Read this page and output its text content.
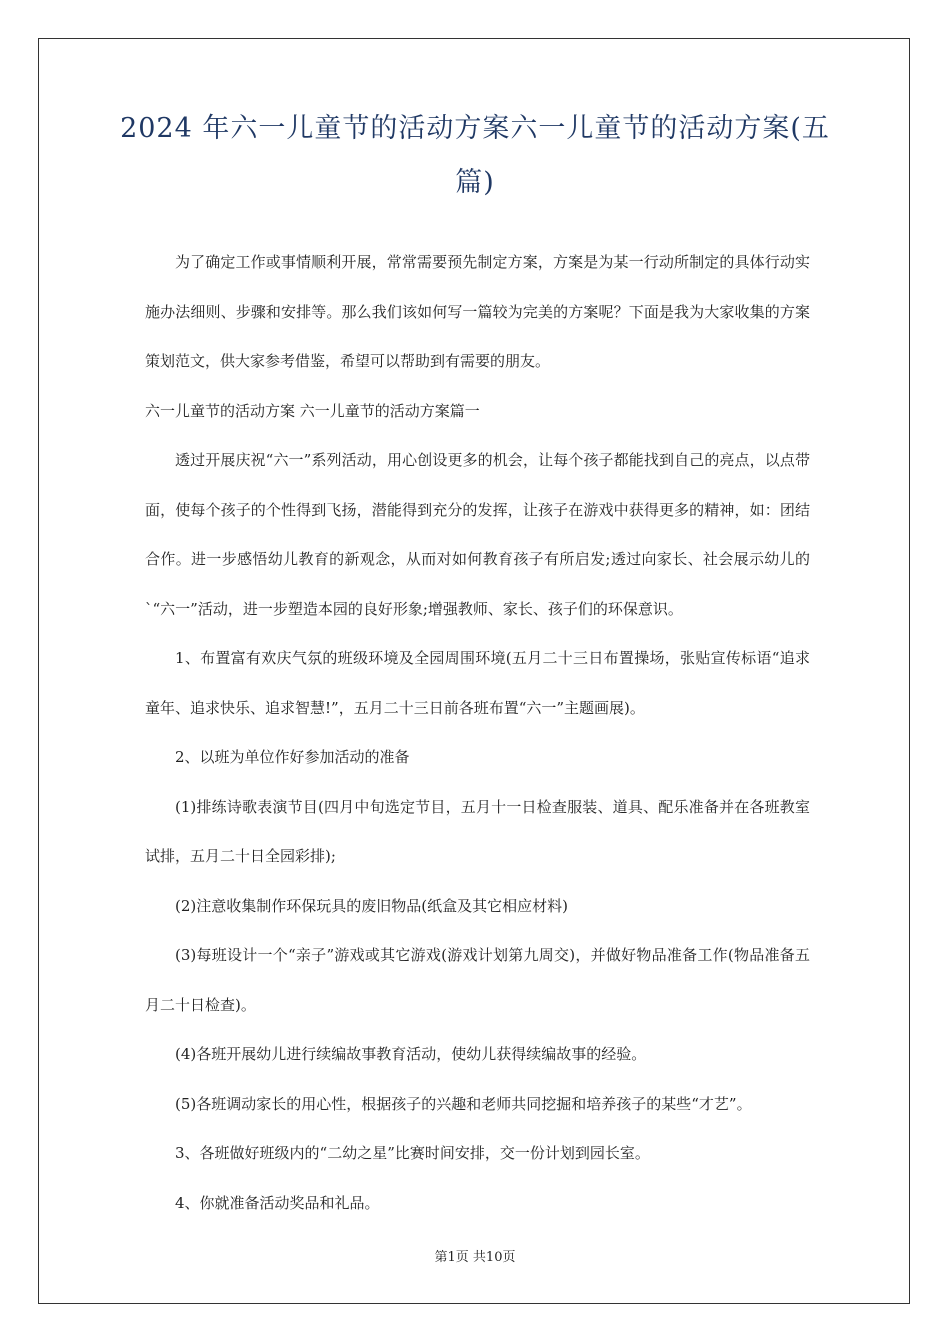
2024 年六一儿童节的活动方案六一儿童节的活动方案(五篇)

为了确定工作或事情顺利开展，常常需要预先制定方案，方案是为某一行动所制定的具体行动实施办法细则、步骤和安排等。那么我们该如何写一篇较为完美的方案呢？下面是我为大家收集的方案策划范文，供大家参考借鉴，希望可以帮助到有需要的朋友。

六一儿童节的活动方案 六一儿童节的活动方案篇一

透过开展庆祝“六一”系列活动，用心创设更多的机会，让每个孩子都能找到自己的亮点，以点带面，使每个孩子的个性得到飞扬，潜能得到充分的发挥，让孩子在游戏中获得更多的精神，如：团结合作。进一步感悟幼儿教育的新观念，从而对如何教育孩子有所启发;透过向家长、社会展示幼儿的`“六一”活动，进一步塑造本园的良好形象;增强教师、家长、孩子们的环保意识。

1、布置富有欢庆气氛的班级环境及全园周围环境(五月二十三日布置操场，张贴宣传标语“追求童年、追求快乐、追求智慧!”，五月二十三日前各班布置“六一”主题画展)。

2、以班为单位作好参加活动的准备

(1)排练诗歌表演节目(四月中旬选定节目，五月十一日检查服装、道具、配乐准备并在各班教室试排，五月二十日全园彩排);

(2)注意收集制作环保玩具的废旧物品(纸盒及其它相应材料)

(3)每班设计一个“亲子”游戏或其它游戏(游戏计划第九周交)，并做好物品准备工作(物品准备五月二十日检查)。

(4)各班开展幼儿进行续编故事教育活动，使幼儿获得续编故事的经验。

(5)各班调动家长的用心性，根据孩子的兴趣和老师共同挖掘和培养孩子的某些“才艺”。

3、各班做好班级内的“二幼之星”比赛时间安排，交一份计划到园长室。

4、你就准备活动奖品和礼品。

第1页 共10页
